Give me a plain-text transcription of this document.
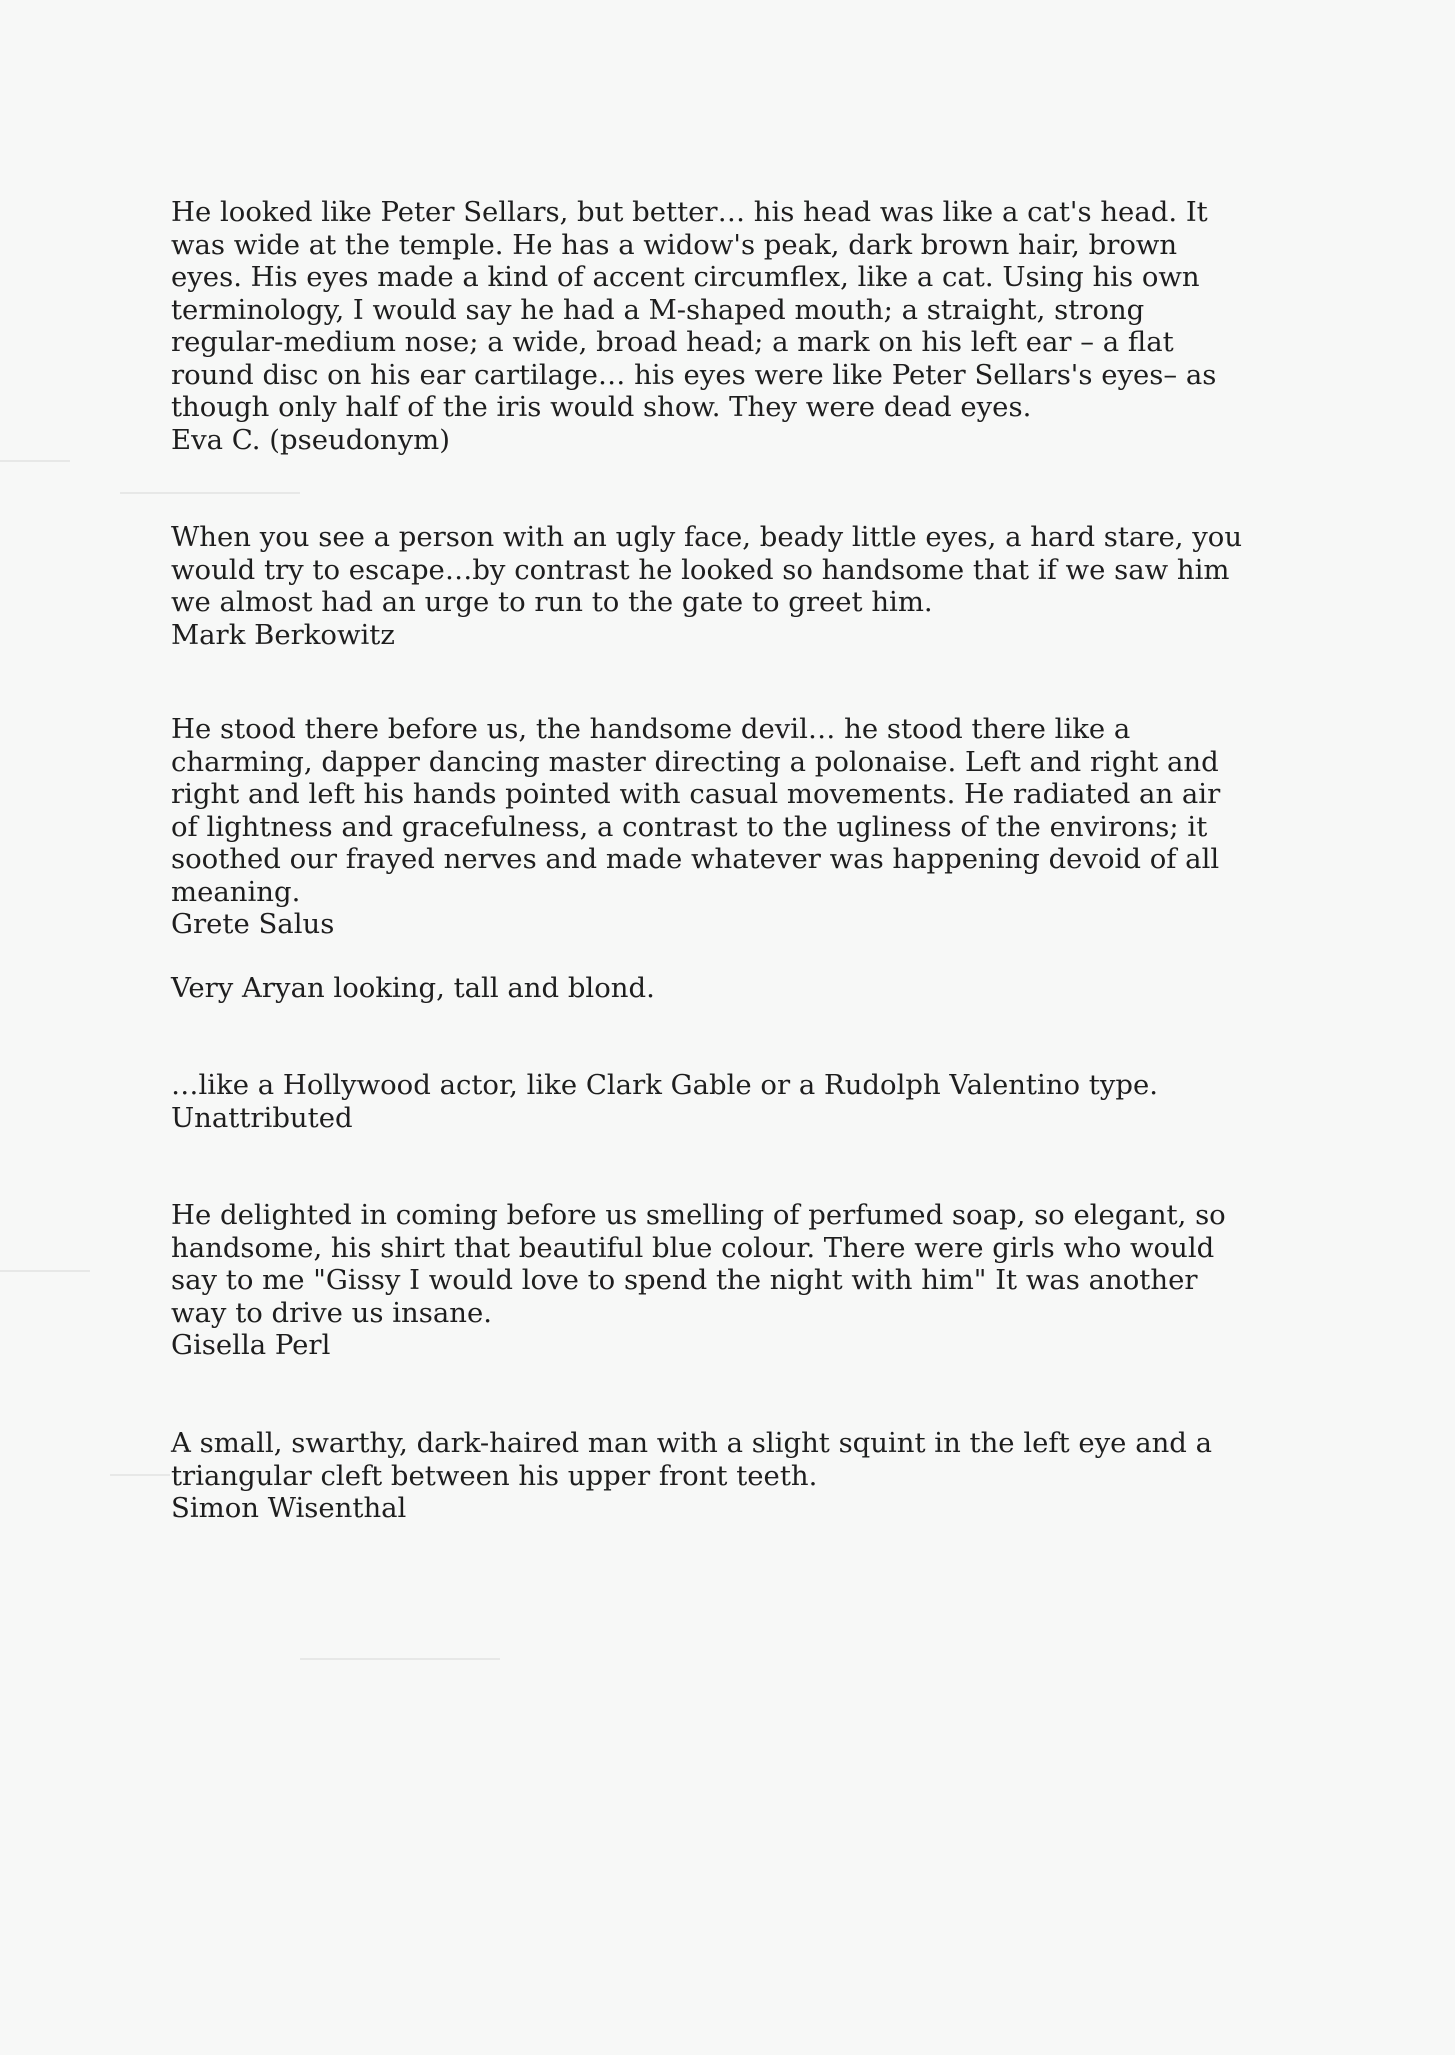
He looked like Peter Sellars, but better… his head was like a cat's head. It was wide at the temple. He has a widow's peak, dark brown hair, brown eyes. His eyes made a kind of accent circumflex, like a cat. Using his own terminology, I would say he had a M-shaped mouth; a straight, strong regular-medium nose; a wide, broad head; a mark on his left ear – a flat round disc on his ear cartilage… his eyes were like Peter Sellars's eyes– as though only half of the iris would show. They were dead eyes.
Eva C. (pseudonym)
When you see a person with an ugly face, beady little eyes, a hard stare, you would try to escape…by contrast he looked so handsome that if we saw him we almost had an urge to run to the gate to greet him.
Mark Berkowitz
He stood there before us, the handsome devil… he stood there like a charming, dapper dancing master directing a polonaise. Left and right and right and left his hands pointed with casual movements. He radiated an air of lightness and gracefulness, a contrast to the ugliness of the environs; it soothed our frayed nerves and made whatever was happening devoid of all meaning.
Grete Salus
Very Aryan looking, tall and blond.
…like a Hollywood actor, like Clark Gable or a Rudolph Valentino type.
Unattributed
He delighted in coming before us smelling of perfumed soap, so elegant, so handsome, his shirt that beautiful blue colour. There were girls who would say to me "Gissy I would love to spend the night with him" It was another way to drive us insane.
Gisella Perl
A small, swarthy, dark-haired man with a slight squint in the left eye and a triangular cleft between his upper front teeth.
Simon Wisenthal
